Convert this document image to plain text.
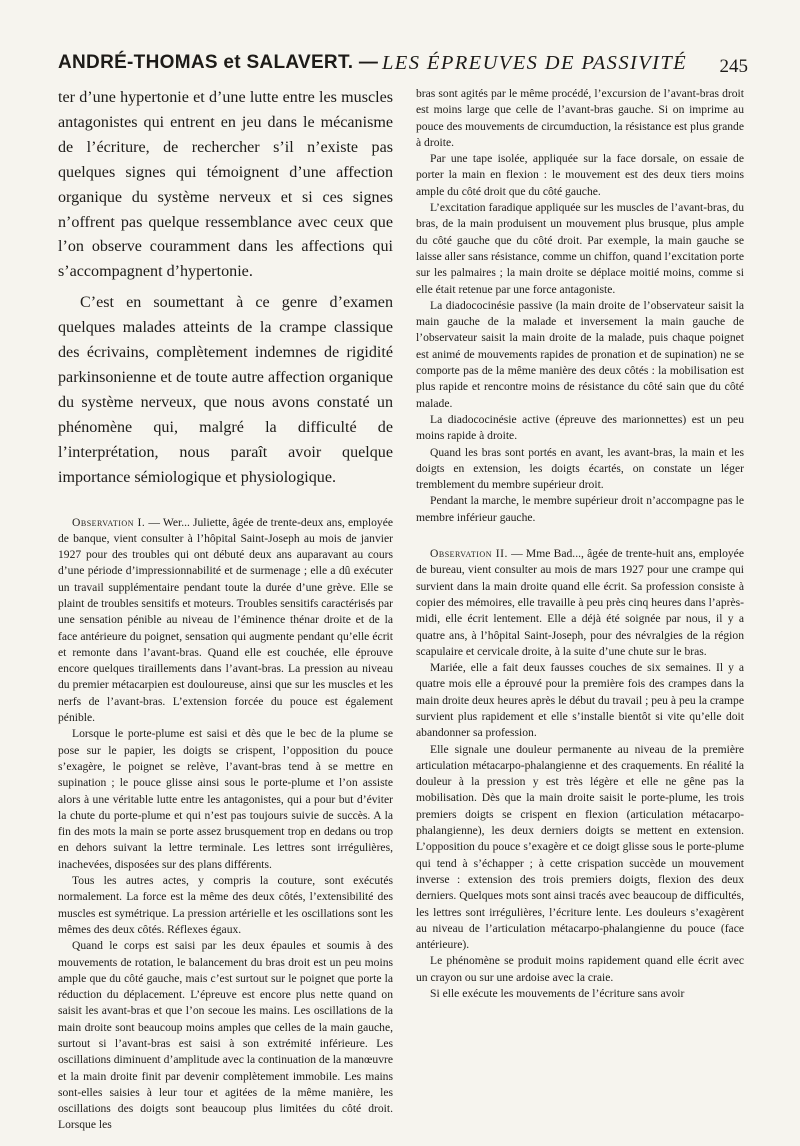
ANDRÉ-THOMAS et SALAVERT. — LES ÉPREUVES DE PASSIVITÉ 245

ter d’une hypertonie et d’une lutte entre les muscles antagonistes qui entrent en jeu dans le mécanisme de l’écriture, de rechercher s’il n’existe pas quelques signes qui témoignent d’une affection organique du système nerveux et si ces signes n’offrent pas quelque ressemblance avec ceux que l’on observe couramment dans les affections qui s’accompagnent d’hypertonie.

C’est en soumettant à ce genre d’examen quelques malades atteints de la crampe classique des écrivains, complètement indemnes de rigidité parkinsonienne et de toute autre affection organique du système nerveux, que nous avons constaté un phénomène qui, malgré la difficulté de l’interprétation, nous paraît avoir quelque importance sémiologique et physiologique.

Observation I. — Wer... Juliette, âgée de trente-deux ans, employée de banque, vient consulter à l’hôpital Saint-Joseph au mois de janvier 1927 pour des troubles qui ont débuté deux ans auparavant au cours d’une période d’impressionnabilité et de surmenage ; elle a dû exécuter un travail supplémentaire pendant toute la durée d’une grève. Elle se plaint de troubles sensitifs et moteurs. Troubles sensitifs caractérisés par une sensation pénible au niveau de l’éminence thénar droite et de la face antérieure du poignet, sensation qui augmente pendant qu’elle écrit et remonte dans l’avant-bras. Quand elle est couchée, elle éprouve encore quelques tiraillements dans l’avant-bras. La pression au niveau du premier métacarpien est douloureuse, ainsi que sur les muscles et les nerfs de l’avant-bras. L’extension forcée du pouce est également pénible.

Lorsque le porte-plume est saisi et dès que le bec de la plume se pose sur le papier, les doigts se crispent, l’opposition du pouce s’exagère, le poignet se relève, l’avant-bras tend à se mettre en supination ; le pouce glisse ainsi sous le porte-plume et l’on assiste alors à une véritable lutte entre les antagonistes, qui a pour but d’éviter la chute du porte-plume et qui n’est pas toujours suivie de succès. A la fin des mots la main se porte assez brusquement trop en dedans ou trop en dehors suivant la lettre terminale. Les lettres sont irrégulières, inachevées, disposées sur des plans différents.

Tous les autres actes, y compris la couture, sont exécutés normalement. La force est la même des deux côtés, l’extensibilité des muscles est symétrique. La pression artérielle et les oscillations sont les mêmes des deux côtés. Réflexes égaux.

Quand le corps est saisi par les deux épaules et soumis à des mouvements de rotation, le balancement du bras droit est un peu moins ample que du côté gauche, mais c’est surtout sur le poignet que porte la réduction du déplacement. L’épreuve est encore plus nette quand on saisit les avant-bras et que l’on secoue les mains. Les oscillations de la main droite sont beaucoup moins amples que celles de la main gauche, surtout si l’avant-bras est saisi à son extrémité inférieure. Les oscillations diminuent d’amplitude avec la continuation de la manœuvre et la main droite finit par devenir complètement immobile. Les mains sont-elles saisies à leur tour et agitées de la même manière, les oscillations des doigts sont beaucoup plus limitées du côté droit. Lorsque les

bras sont agités par le même procédé, l’excursion de l’avant-bras droit est moins large que celle de l’avant-bras gauche. Si on imprime au pouce des mouvements de circumduction, la résistance est plus grande à droite.

Par une tape isolée, appliquée sur la face dorsale, on essaie de porter la main en flexion : le mouvement est des deux tiers moins ample du côté droit que du côté gauche.

L’excitation faradique appliquée sur les muscles de l’avant-bras, du bras, de la main produisent un mouvement plus brusque, plus ample du côté gauche que du côté droit. Par exemple, la main gauche se laisse aller sans résistance, comme un chiffon, quand l’excitation porte sur les palmaires ; la main droite se déplace moitié moins, comme si elle était retenue par une force antagoniste.

La diadococinésie passive (la main droite de l’observateur saisit la main gauche de la malade et inversement la main gauche de l’observateur saisit la main droite de la malade, puis chaque poignet est animé de mouvements rapides de pronation et de supination) ne se comporte pas de la même manière des deux côtés : la mobilisation est plus rapide et rencontre moins de résistance du côté sain que du côté malade.

La diadococinésie active (épreuve des marionnettes) est un peu moins rapide à droite.

Quand les bras sont portés en avant, les avant-bras, la main et les doigts en extension, les doigts écartés, on constate un léger tremblement du membre supérieur droit.

Pendant la marche, le membre supérieur droit n’accompagne pas le membre inférieur gauche.

Observation II. — Mme Bad..., âgée de trente-huit ans, employée de bureau, vient consulter au mois de mars 1927 pour une crampe qui survient dans la main droite quand elle écrit. Sa profession consiste à copier des mémoires, elle travaille à peu près cinq heures dans l’après-midi, elle écrit lentement. Elle a déjà été soignée par nous, il y a quatre ans, à l’hôpital Saint-Joseph, pour des névralgies de la région scapulaire et cervicale droite, à la suite d’une chute sur le bras.

Mariée, elle a fait deux fausses couches de six semaines. Il y a quatre mois elle a éprouvé pour la première fois des crampes dans la main droite deux heures après le début du travail ; peu à peu la crampe survient plus rapidement et elle s’installe bientôt si vite qu’elle doit abandonner sa profession.

Elle signale une douleur permanente au niveau de la première articulation métacarpo-phalangienne et des craquements. En réalité la douleur à la pression y est très légère et elle ne gêne pas la mobilisation. Dès que la main droite saisit le porte-plume, les trois premiers doigts se crispent en flexion (articulation métacarpo-phalangienne), les deux derniers doigts se mettent en extension. L’opposition du pouce s’exagère et ce doigt glisse sous le porte-plume qui tend à s’échapper ; à cette crispation succède un mouvement inverse : extension des trois premiers doigts, flexion des deux derniers. Quelques mots sont ainsi tracés avec beaucoup de difficultés, les lettres sont irrégulières, l’écriture lente. Les douleurs s’exagèrent au niveau de l’articulation métacarpo-phalangienne du pouce (face antérieure).

Le phénomène se produit moins rapidement quand elle écrit avec un crayon ou sur une ardoise avec la craie.

Si elle exécute les mouvements de l’écriture sans avoir
